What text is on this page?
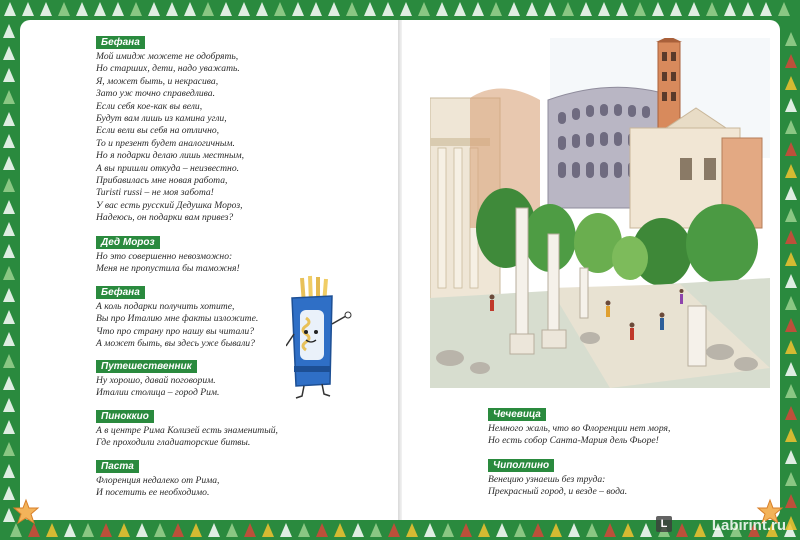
Бефана
Мой имидж можете не одобрять,
Но старших, дети, надо уважать.
Я, может быть, и некрасива,
Зато уж точно справедлива.
Если себя кое-как вы вели,
Будут вам лишь из камина угли,
Если вели вы себя на отлично,
То и презент будет аналогичным.
Но я подарки делаю лишь местным,
А вы пришли откуда – неизвестно.
Прибавилась мне новая работа,
Turisti russi – не моя забота!
У вас есть русский Дедушка Мороз,
Надеюсь, он подарки вам привез?
Дед Мороз
Но это совершенно невозможно:
Меня не пропустила бы таможня!
Бефана
А коль подарки получить хотите,
Вы про Италию мне факты изложите.
Что про страну про нашу вы читали?
А может быть, вы здесь уже бывали?
Путешественник
Ну хорошо, давай поговорим.
Италии столица – город Рим.
Пиноккио
А в центре Рима Колизей есть знаменитый,
Где проходили гладиаторские битвы.
Паста
Флоренция недалеко от Рима,
И посетить ее необходимо.
Чечевица
Немного жаль, что во Флоренции нет моря,
Но есть собор Санта-Мария дель Фьоре!
Чиполлино
Венецию узнаешь без труда:
Прекрасный город, и везде – вода.
L	Labirint.ru
